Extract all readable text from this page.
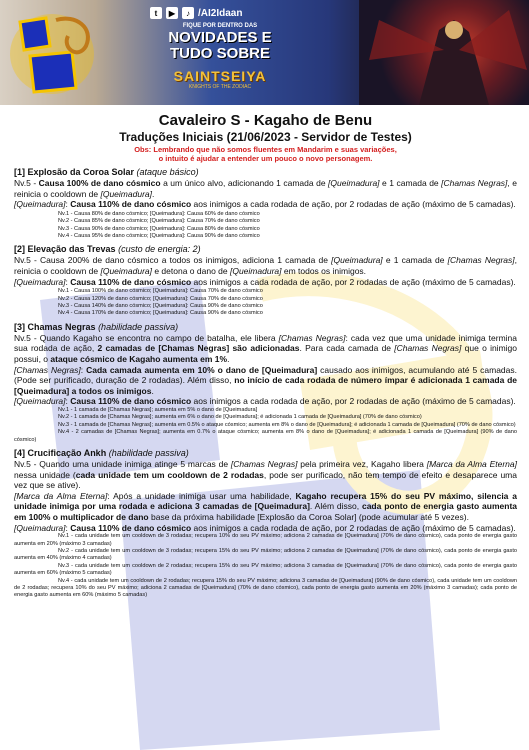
t	▶	♪ /AI2Idaan
FIQUE POR DENTRO DAS
NOVIDADES E
TUDO SOBRE
SAINTSEIYA
KNIGHTS OF THE ZODIAC
Cavaleiro S - Kagaho de Benu
Traduções Iniciais (21/06/2023 - Servidor de Testes)
Obs: Lembrando que não somos fluentes em Mandarim e suas variações,
o intuito é ajudar a entender um pouco o novo personagem.
[1] Explosão da Coroa Solar (ataque básico)

Nv.5 - Causa 100% de dano cósmico a um único alvo, adicionando 1 camada de [Queimadura] e 1 camada de [Chamas Negras], e reinicia o cooldown de [Queimadura].

[Queimadura]: Causa 110% de dano cósmico aos inimigos a cada rodada de ação, por 2 rodadas de ação (máximo de 5 camadas).

Nv.1 - Causa 80% de dano cósmico; [Queimadura]: Causa 60% de dano cósmico
Nv.2 - Causa 85% de dano cósmico; [Queimadura]: Causa 70% de dano cósmico
Nv.3 - Causa 90% de dano cósmico; [Queimadura]: Causa 80% de dano cósmico
Nv.4 - Causa 95% de dano cósmico; [Queimadura]: Causa 90% de dano cósmico
[2] Elevação das Trevas (custo de energia: 2)

Nv.5 - Causa 200% de dano cósmico a todos os inimigos, adiciona 1 camada de [Queimadura] e 1 camada de [Chamas Negras], reinicia o cooldown de [Queimadura] e detona o dano de [Queimadura] em todos os inimigos.

[Queimadura]: Causa 110% de dano cósmico aos inimigos a cada rodada de ação, por 2 rodadas de ação (máximo de 5 camadas).

Nv.1 - Causa 100% de dano cósmico; [Queimadura]: Causa 70% de dano cósmico
Nv.2 - Causa 120% de dano cósmico; [Queimadura]: Causa 70% de dano cósmico
Nv.3 - Causa 140% de dano cósmico; [Queimadura]: Causa 90% de dano cósmico
Nv.4 - Causa 170% de dano cósmico; [Queimadura]: Causa 90% de dano cósmico
[3] Chamas Negras (habilidade passiva)

Nv.5 - Quando Kagaho se encontra no campo de batalha, ele libera [Chamas Negras]: cada vez que uma unidade inimiga termina sua rodada de ação, 2 camadas de [Chamas Negras] são adicionadas. Para cada camada de [Chamas Negras] que o inimigo possui, o ataque cósmico de Kagaho aumenta em 1%.

[Chamas Negras]: Cada camada aumenta em 10% o dano de [Queimadura] causado aos inimigos, acumulando até 5 camadas. (Pode ser purificado, duração de 2 rodadas). Além disso, no início de cada rodada de número ímpar é adicionada 1 camada de [Queimadura] a todos os inimigos.

[Queimadura]: Causa 110% de dano cósmico aos inimigos a cada rodada de ação, por 2 rodadas de ação (máximo de 5 camadas).

Nv.1 - 1 camada de [Chamas Negras]; aumenta em 5% o dano de [Queimadura]
Nv.2 - 1 camada de [Chamas Negras]; aumenta em 6% o dano de [Queimadura]; é adicionada 1 camada de [Queimadura] (70% de dano cósmico)
Nv.3 - 1 camada de [Chamas Negras]; aumenta em 0.5% o ataque cósmico; aumenta em 8% o dano de [Queimadura]; é adicionada 1 camada de [Queimadura] (70% de dano cósmico)
Nv.4 - 2 camadas de [Chamas Negras]; aumenta em 0.7% o ataque cósmico; aumenta em 8% o dano de [Queimadura]; é adicionada 1 camada de [Queimadura] (90% de dano cósmico)
[4] Crucificação Ankh (habilidade passiva)

Nv.5 - Quando uma unidade inimiga atinge 5 marcas de [Chamas Negras] pela primeira vez, Kagaho libera [Marca da Alma Eterna] nessa unidade (cada unidade tem um cooldown de 2 rodadas, pode ser purificado, não tem tempo de efeito e desaparece uma vez que se ative).

[Marca da Alma Eterna]: Após a unidade inimiga usar uma habilidade, Kagaho recupera 15% do seu PV máximo, silencia a unidade inimiga por uma rodada e adiciona 3 camadas de [Queimadura]. Além disso, cada ponto de energia gasto aumenta em 100% o multiplicador de dano base da próxima habilidade [Explosão da Coroa Solar] (pode acumular até 5 vezes).

[Queimadura]: Causa 110% de dano cósmico aos inimigos a cada rodada de ação, por 2 rodadas de ação (máximo de 5 camadas).

Nv.1 - cada unidade tem um cooldown de 3 rodadas; recupera 10% do seu PV máximo; adiciona 2 camadas de [Queimadura] (70% de dano cósmico), cada ponto de energia gasto aumenta em 20% (máximo 3 camadas)
Nv.2 - cada unidade tem um cooldown de 3 rodadas; recupera 15% do seu PV máximo; adiciona 2 camadas de [Queimadura] (70% de dano cósmico), cada ponto de energia gasto aumenta em 40% (máximo 4 camadas)
Nv.3 - cada unidade tem um cooldown de 2 rodadas; recupera 15% do seu PV máximo; adiciona 3 camadas de [Queimadura] (70% de dano cósmico), cada ponto de energia gasto aumenta em 60% (máximo 5 camadas)
Nv.4 - cada unidade tem um cooldown de 2 rodadas; recupera 15% do seu PV máximo; adiciona 3 camadas de [Queimadura] (90% de dano cósmico), cada unidade tem um cooldown de 2 rodadas; recupera 10% do seu PV máximo; adiciona 2 camadas de [Queimadura] (70% de dano cósmico), cada ponto de energia gasto aumenta em 20% (máximo 3 camadas); cada ponto de energia gasto aumenta em 60% (máximo 5 camadas)
